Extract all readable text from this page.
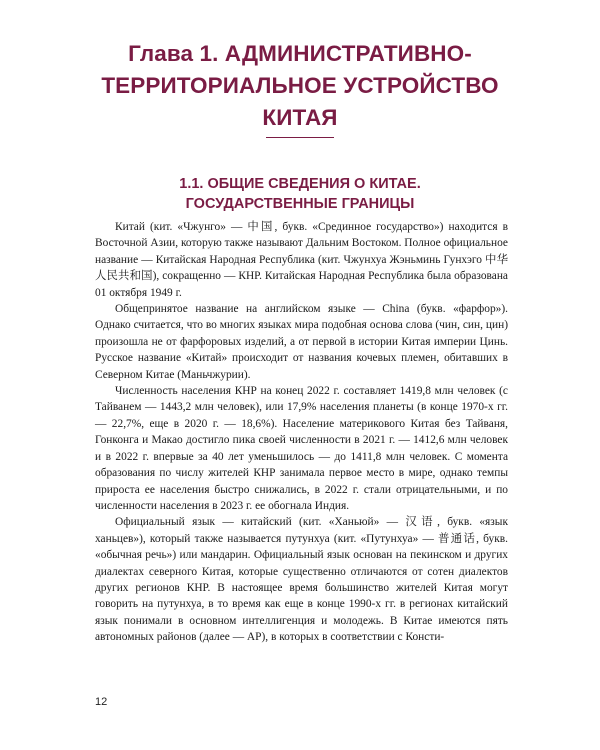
Глава 1. АДМИНИСТРАТИВНО-
ТЕРРИТОРИАЛЬНОЕ УСТРОЙСТВО
КИТАЯ
1.1. ОБЩИЕ СВЕДЕНИЯ О КИТАЕ.
ГОСУДАРСТВЕННЫЕ ГРАНИЦЫ

Китай (кит. «Чжунго» — 中国, букв. «Срединное государство») находится в Восточной Азии, которую также называют Дальним Востоком. Полное официальное название — Китайская Народная Республика (кит. Чжунхуа Жэньминь Гунхэго 中华人民共和国), сокращенно — КНР. Китайская Народная Республика была образована 01 октября 1949 г.

Общепринятое название на английском языке — China (букв. «фарфор»). Однако считается, что во многих языках мира подобная основа слова (чин, син, цин) произошла не от фарфоровых изделий, а от первой в истории Китая империи Цинь. Русское название «Китай» происходит от названия кочевых племен, обитавших в Северном Китае (Маньчжурии).

Численность населения КНР на конец 2022 г. составляет 1419,8 млн человек (с Тайванем — 1443,2 млн человек), или 17,9% населения планеты (в конце 1970-х гг. — 22,7%, еще в 2020 г. — 18,6%). Население материкового Китая без Тайваня, Гонконга и Макао достигло пика своей численности в 2021 г. — 1412,6 млн человек и в 2022 г. впервые за 40 лет уменьшилось — до 1411,8 млн человек. С момента образования по числу жителей КНР занимала первое место в мире, однако темпы прироста ее населения быстро снижались, в 2022 г. стали отрицательными, и по численности населения в 2023 г. ее обогнала Индия.

Официальный язык — китайский (кит. «Ханьюй» — 汉语, букв. «язык ханьцев»), который также называется путунхуа (кит. «Путунхуа» — 普通话, букв. «обычная речь») или мандарин. Официальный язык основан на пекинском и других диалектах северного Китая, которые существенно отличаются от сотен диалектов других регионов КНР. В настоящее время большинство жителей Китая могут говорить на путунхуа, в то время как еще в конце 1990-х гг. в регионах китайский язык понимали в основном интеллигенция и молодежь. В Китае имеются пять автономных районов (далее — АР), в которых в соответствии с Консти-

12
